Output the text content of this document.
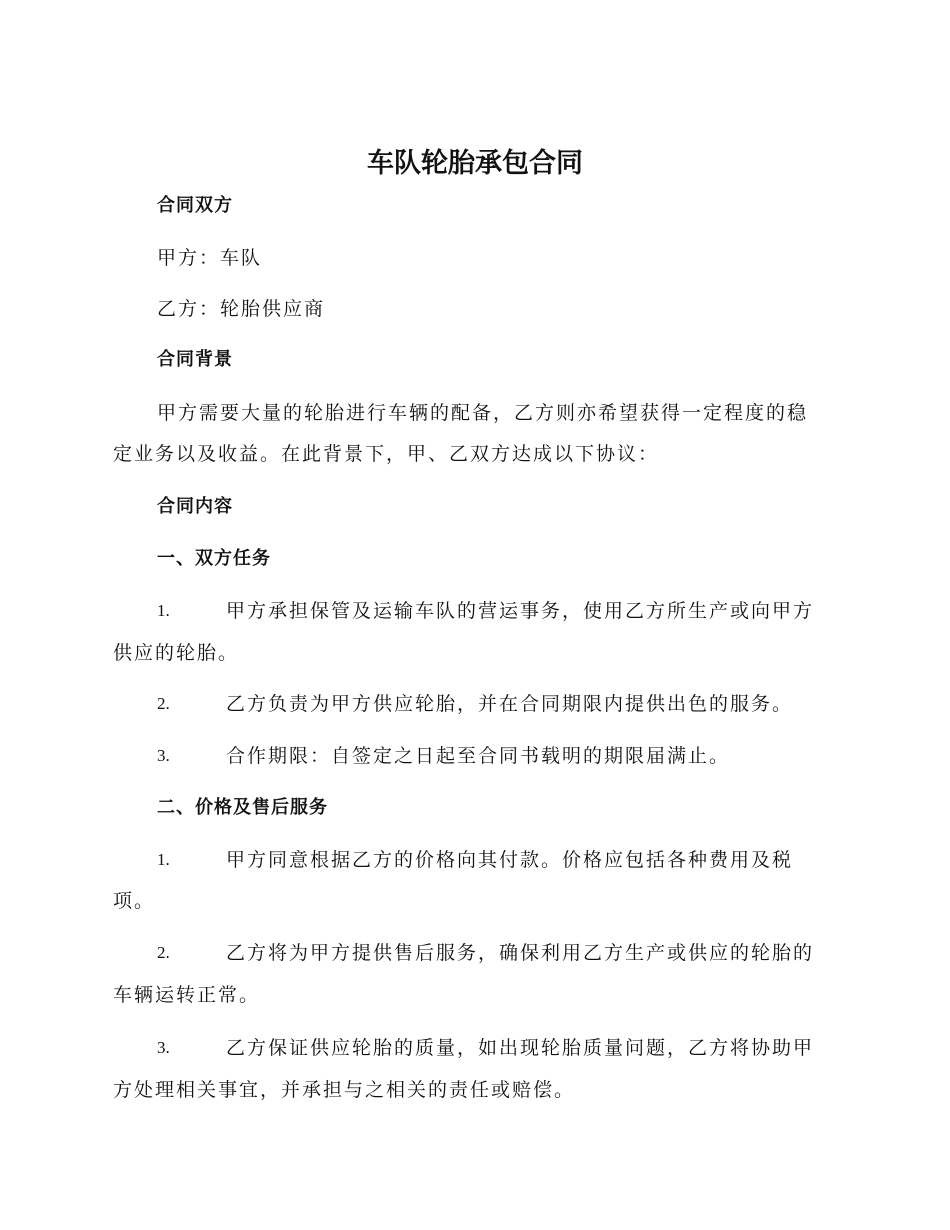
车队轮胎承包合同

合同双方

甲方：车队

乙方：轮胎供应商

合同背景

甲方需要大量的轮胎进行车辆的配备，乙方则亦希望获得一定程度的稳

定业务以及收益。在此背景下，甲、乙双方达成以下协议：

合同内容

一、双方任务

1.	甲方承担保管及运输车队的营运事务，使用乙方所生产或向甲方

供应的轮胎。

2.	乙方负责为甲方供应轮胎，并在合同期限内提供出色的服务。
3.	合作期限：自签定之日起至合同书载明的期限届满止。

二、价格及售后服务

1.	甲方同意根据乙方的价格向其付款。价格应包括各种费用及税

项。

2.	乙方将为甲方提供售后服务，确保利用乙方生产或供应的轮胎的

车辆运转正常。

3.	乙方保证供应轮胎的质量，如出现轮胎质量问题，乙方将协助甲

方处理相关事宜，并承担与之相关的责任或赔偿。
